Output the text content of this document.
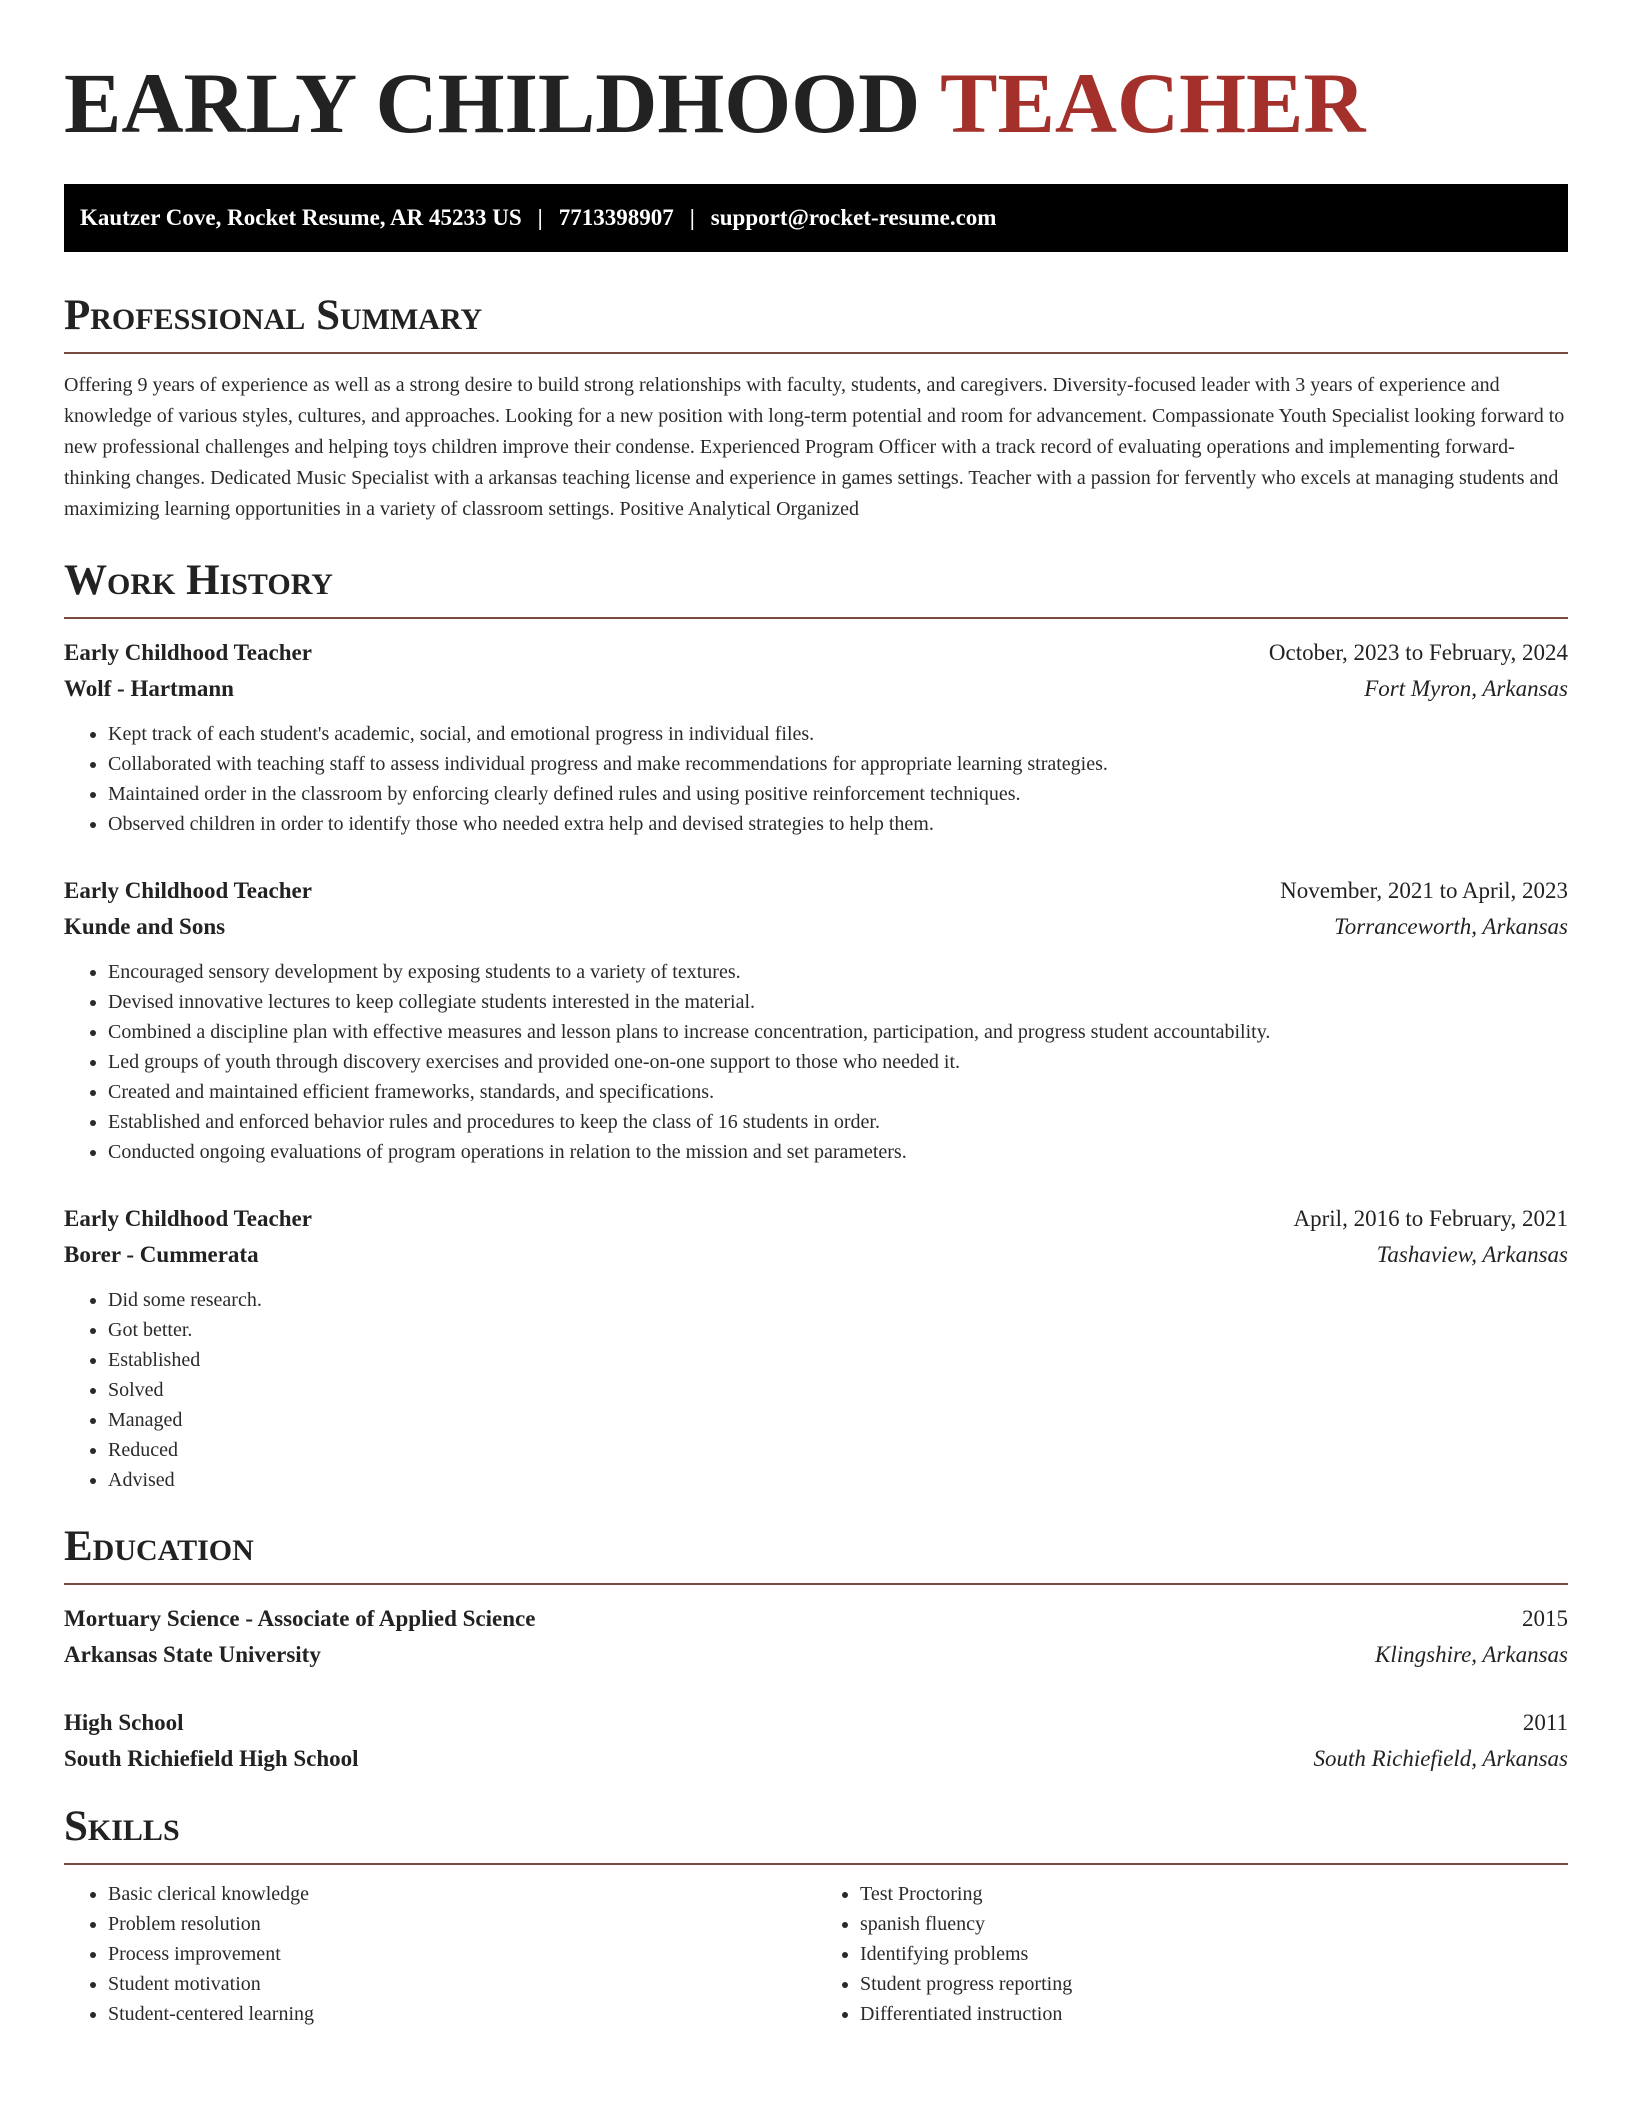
EARLY CHILDHOOD TEACHER
Kautzer Cove, Rocket Resume, AR 45233 US | 7713398907 | support@rocket-resume.com
Professional Summary

Offering 9 years of experience as well as a strong desire to build strong relationships with faculty, students, and caregivers. Diversity-focused leader with 3 years of experience and knowledge of various styles, cultures, and approaches. Looking for a new position with long-term potential and room for advancement. Compassionate Youth Specialist looking forward to new professional challenges and helping toys children improve their condense. Experienced Program Officer with a track record of evaluating operations and implementing forward-thinking changes. Dedicated Music Specialist with a arkansas teaching license and experience in games settings. Teacher with a passion for fervently who excels at managing students and maximizing learning opportunities in a variety of classroom settings. Positive Analytical Organized

Work History
Early Childhood Teacher	October, 2023 to February, 2024
Wolf - Hartmann	Fort Myron, Arkansas
• Kept track of each student's academic, social, and emotional progress in individual files.
• Collaborated with teaching staff to assess individual progress and make recommendations for appropriate learning strategies.
• Maintained order in the classroom by enforcing clearly defined rules and using positive reinforcement techniques.
• Observed children in order to identify those who needed extra help and devised strategies to help them.
Early Childhood Teacher	November, 2021 to April, 2023
Kunde and Sons	Torranceworth, Arkansas
• Encouraged sensory development by exposing students to a variety of textures.
• Devised innovative lectures to keep collegiate students interested in the material.
• Combined a discipline plan with effective measures and lesson plans to increase concentration, participation, and progress student accountability.
• Led groups of youth through discovery exercises and provided one-on-one support to those who needed it.
• Created and maintained efficient frameworks, standards, and specifications.
• Established and enforced behavior rules and procedures to keep the class of 16 students in order.
• Conducted ongoing evaluations of program operations in relation to the mission and set parameters.
Early Childhood Teacher	April, 2016 to February, 2021
Borer - Cummerata	Tashaview, Arkansas
• Did some research.
• Got better.
• Established
• Solved
• Managed
• Reduced
• Advised
Education
Mortuary Science - Associate of Applied Science	2015
Arkansas State University	Klingshire, Arkansas
High School	2011
South Richiefield High School	South Richiefield, Arkansas
Skills
• Basic clerical knowledge
• Problem resolution
• Process improvement
• Student motivation
• Student-centered learning
• Test Proctoring
• spanish fluency
• Identifying problems
• Student progress reporting
• Differentiated instruction
